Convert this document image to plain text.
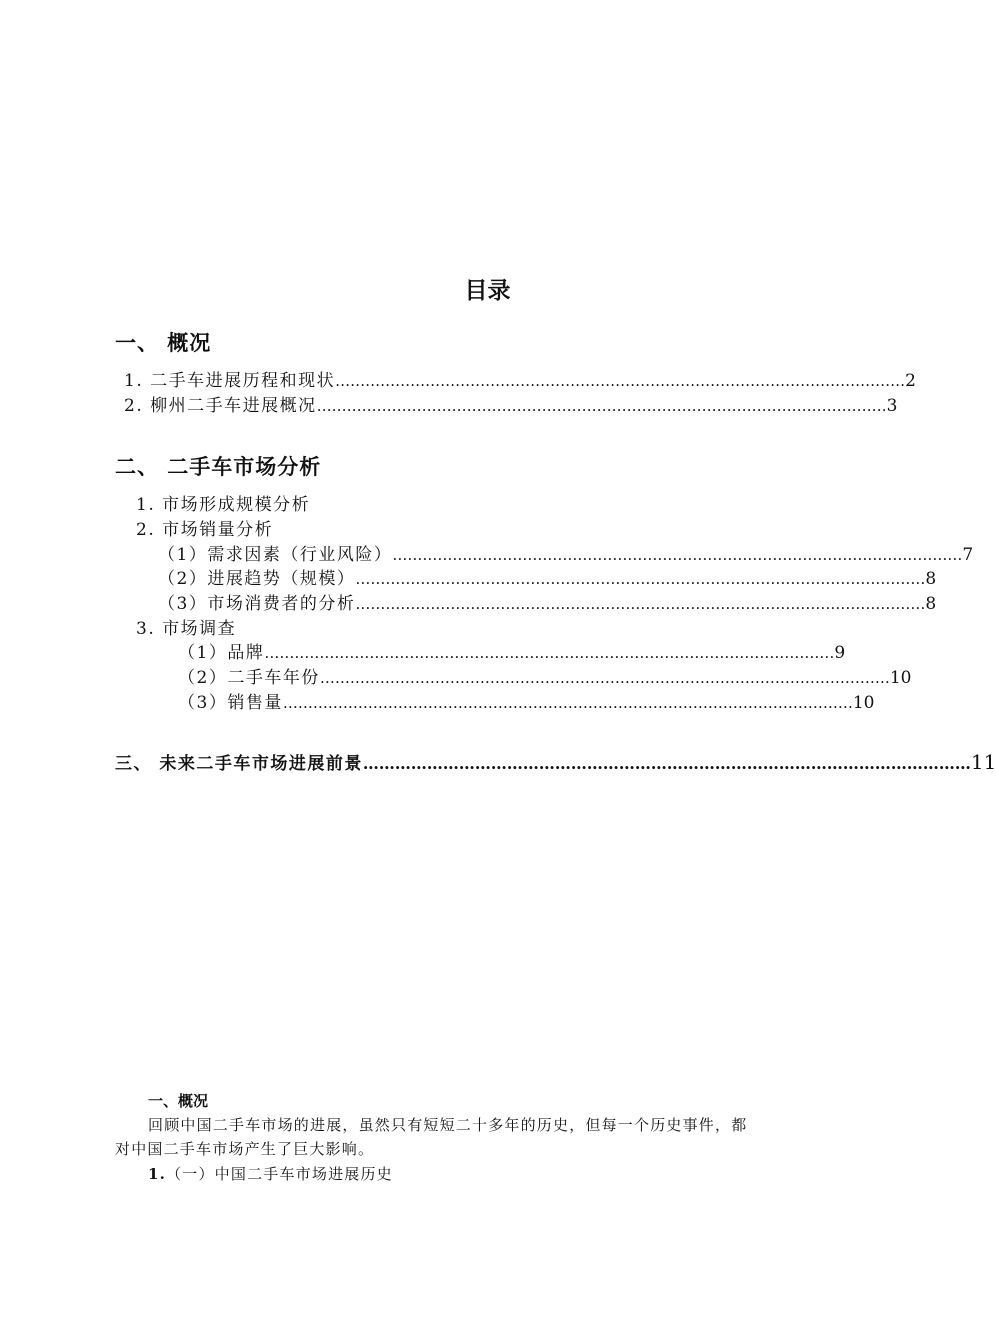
目录
一、 概况
1. 二手车进展历程和现状 …………………………………………………………………………………………………… 2
2. 柳州二手车进展概况 …………………………………………………………………………………………………… 3
二、 二手车市场分析
1. 市场形成规模分析
2. 市场销量分析
（1）需求因素（行业风险） …………………………………………………………………………………………………… 7
（2）进展趋势（规模） …………………………………………………………………………………………………… 8
（3）市场消费者的分析 …………………………………………………………………………………………………… 8
3. 市场调查
（1）品牌 …………………………………………………………………………………………………… 9
（2）二手车年份 …………………………………………………………………………………………………… 10
（3）销售量 …………………………………………………………………………………………………… 10
三、 未来二手车市场进展前景 …………………………………………………………………………………………………… 11
一、概况
回顾中国二手车市场的进展，虽然只有短短二十多年的历史，但每一个历史事件，都
对中国二手车市场产生了巨大影响。
1.（一）中国二手车市场进展历史
